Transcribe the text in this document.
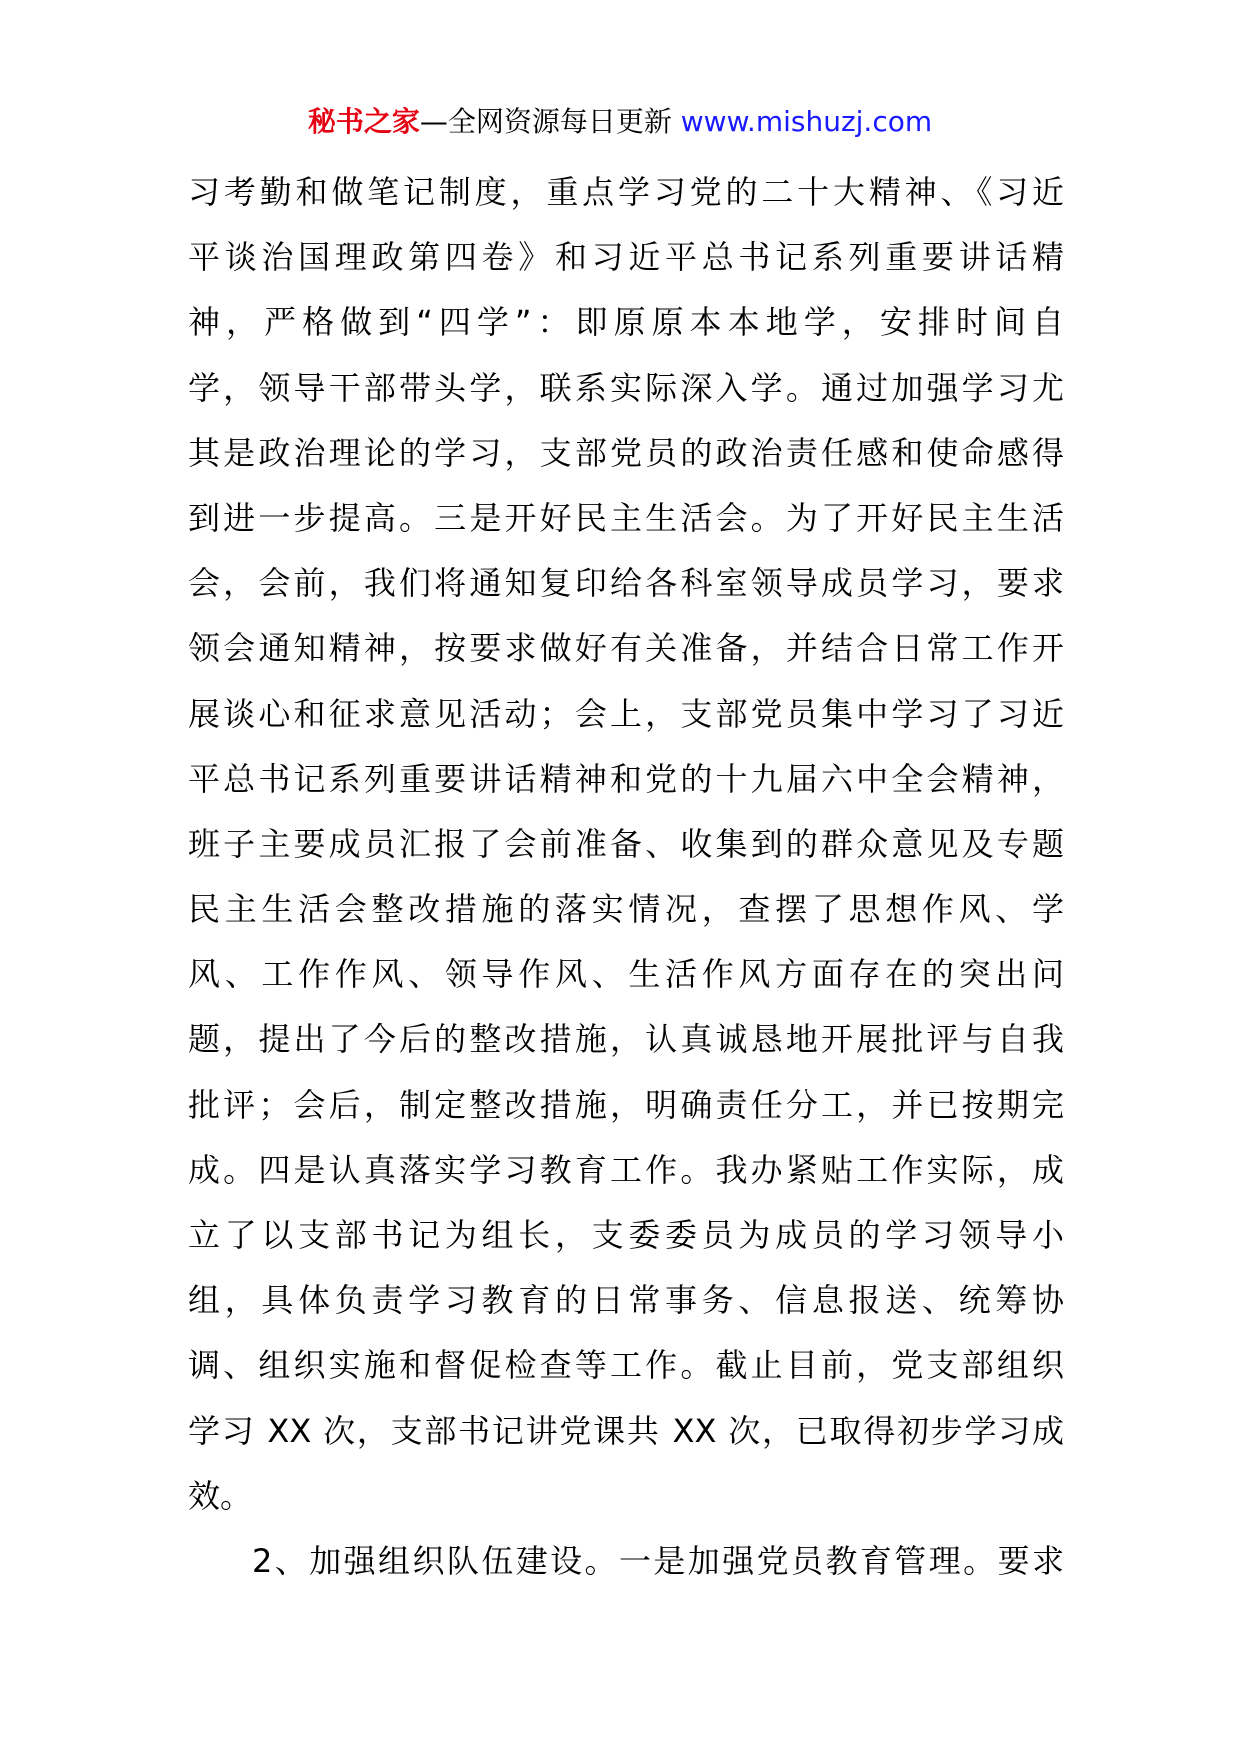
秘书之家—全网资源每日更新 www.mishuzj.com
习考勤和做笔记制度，重点学习党的二十大精神、《习近
平谈治国理政第四卷》和习近平总书记系列重要讲话精
神，严格做到“四学”：即原原本本地学，安排时间自
学，领导干部带头学，联系实际深入学。通过加强学习尤
其是政治理论的学习，支部党员的政治责任感和使命感得
到进一步提高。三是开好民主生活会。为了开好民主生活
会，会前，我们将通知复印给各科室领导成员学习，要求
领会通知精神，按要求做好有关准备，并结合日常工作开
展谈心和征求意见活动；会上，支部党员集中学习了习近
平总书记系列重要讲话精神和党的十九届六中全会精神，
班子主要成员汇报了会前准备、收集到的群众意见及专题
民主生活会整改措施的落实情况，查摆了思想作风、学
风、工作作风、领导作风、生活作风方面存在的突出问
题，提出了今后的整改措施，认真诚恳地开展批评与自我
批评；会后，制定整改措施，明确责任分工，并已按期完
成。四是认真落实学习教育工作。我办紧贴工作实际，成
立了以支部书记为组长，支委委员为成员的学习领导小
组，具体负责学习教育的日常事务、信息报送、统筹协
调、组织实施和督促检查等工作。截止目前，党支部组织
学习 XX 次，支部书记讲党课共 XX 次，已取得初步学习成
效。
2、加强组织队伍建设。一是加强党员教育管理。要求
